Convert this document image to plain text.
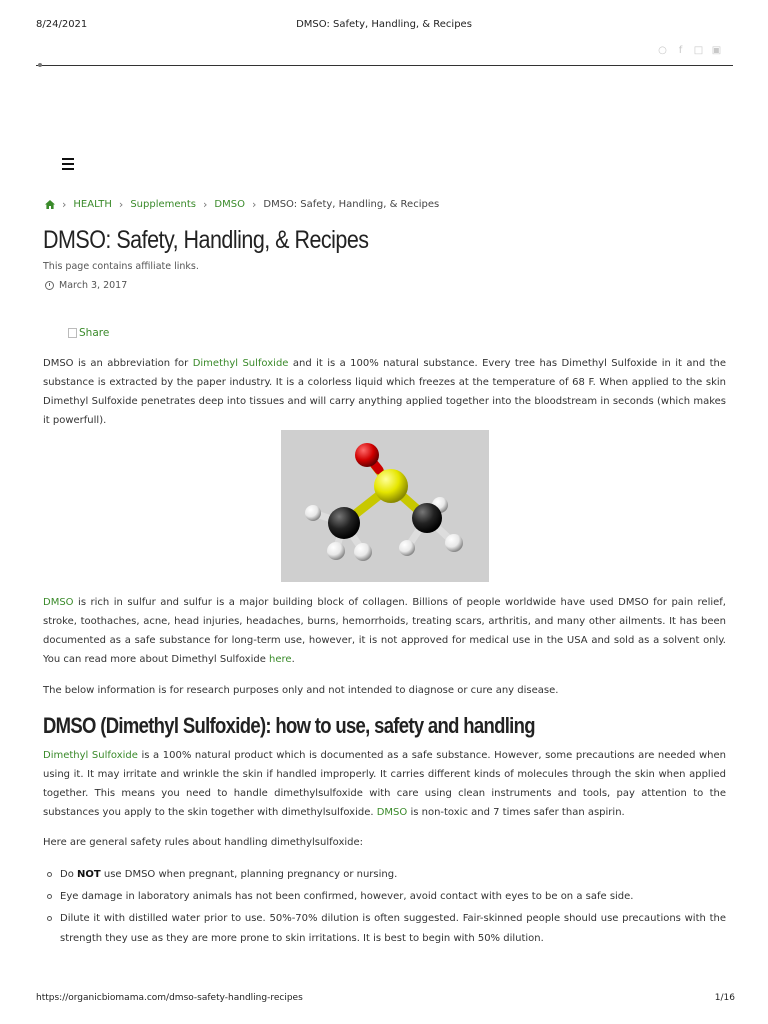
8/24/2021	DMSO: Safety, Handling, & Recipes
○	f	□ ▣
› HEALTH › Supplements › DMSO › DMSO: Safety, Handling, & Recipes
DMSO: Safety, Handling, & Recipes
This page contains affiliate links.
March 3, 2017
Share

DMSO is an abbreviation for Dimethyl Sulfoxide and it is a 100% natural substance. Every tree has Dimethyl Sulfoxide in it and the substance is extracted by the paper industry. It is a colorless liquid which freezes at the temperature of 68 F. When applied to the skin Dimethyl Sulfoxide penetrates deep into tissues and will carry anything applied together into the bloodstream in seconds (which makes it powerfull).

DMSO is rich in sulfur and sulfur is a major building block of collagen. Billions of people worldwide have used DMSO for pain relief, stroke, toothaches, acne, head injuries, headaches, burns, hemorrhoids, treating scars, arthritis, and many other ailments. It has been documented as a safe substance for long-term use, however, it is not approved for medical use in the USA and sold as a solvent only. You can read more about Dimethyl Sulfoxide here.

The below information is for research purposes only and not intended to diagnose or cure any disease.

DMSO (Dimethyl Sulfoxide): how to use, safety and handling

Dimethyl Sulfoxide is a 100% natural product which is documented as a safe substance. However, some precautions are needed when using it. It may irritate and wrinkle the skin if handled improperly. It carries different kinds of molecules through the skin when applied together. This means you need to handle dimethylsulfoxide with care using clean instruments and tools, pay attention to the substances you apply to the skin together with dimethylsulfoxide. DMSO is non-toxic and 7 times safer than aspirin.

Here are general safety rules about handling dimethylsulfoxide:

Do NOT use DMSO when pregnant, planning pregnancy or nursing.
Eye damage in laboratory animals has not been confirmed, however, avoid contact with eyes to be on a safe side.
Dilute it with distilled water prior to use. 50%-70% dilution is often suggested. Fair-skinned people should use precautions with the strength they use as they are more prone to skin irritations. It is best to begin with 50% dilution.
https://organicbiomama.com/dmso-safety-handling-recipes	1/16
